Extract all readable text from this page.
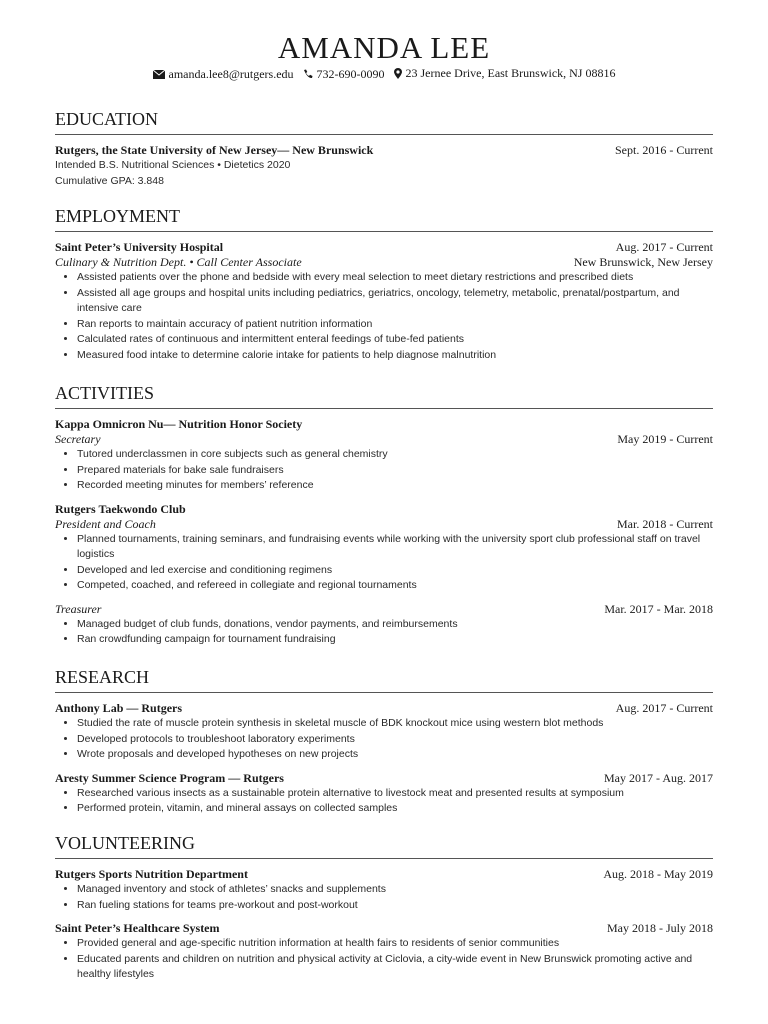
AMANDA LEE
amanda.lee8@rutgers.edu
732-690-0090
23 Jernee Drive, East Brunswick, NJ 08816
EDUCATION
Rutgers, the State University of New Jersey— New Brunswick	Sept. 2016 - Current
Intended B.S. Nutritional Sciences • Dietetics 2020
Cumulative GPA: 3.848
EMPLOYMENT
Saint Peter’s University Hospital	Aug. 2017 - Current
Culinary & Nutrition Dept. • Call Center Associate	New Brunswick, New Jersey
• Assisted patients over the phone and bedside with every meal selection to meet dietary restrictions and prescribed diets
• Assisted all age groups and hospital units including pediatrics, geriatrics, oncology, telemetry, metabolic, prenatal/postpartum, and intensive care
• Ran reports to maintain accuracy of patient nutrition information
• Calculated rates of continuous and intermittent enteral feedings of tube-fed patients
• Measured food intake to determine calorie intake for patients to help diagnose malnutrition
ACTIVITIES
Kappa Omnicron Nu— Nutrition Honor Society
Secretary	May 2019 - Current
• Tutored underclassmen in core subjects such as general chemistry
• Prepared materials for bake sale fundraisers
• Recorded meeting minutes for members’ reference
Rutgers Taekwondo Club
President and Coach	Mar. 2018 - Current
• Planned tournaments, training seminars, and fundraising events while working with the university sport club professional staff on travel logistics
• Developed and led exercise and conditioning regimens
• Competed, coached, and refereed in collegiate and regional tournaments
Treasurer	Mar. 2017 - Mar. 2018
• Managed budget of club funds, donations, vendor payments, and reimbursements
• Ran crowdfunding campaign for tournament fundraising
RESEARCH
Anthony Lab — Rutgers	Aug. 2017 - Current
• Studied the rate of muscle protein synthesis in skeletal muscle of BDK knockout mice using western blot methods
• Developed protocols to troubleshoot laboratory experiments
• Wrote proposals and developed hypotheses on new projects
Aresty Summer Science Program — Rutgers	May 2017 - Aug. 2017
• Researched various insects as a sustainable protein alternative to livestock meat and presented results at symposium
• Performed protein, vitamin, and mineral assays on collected samples
VOLUNTEERING
Rutgers Sports Nutrition Department	Aug. 2018 - May 2019
• Managed inventory and stock of athletes’ snacks and supplements
• Ran fueling stations for teams pre-workout and post-workout
Saint Peter’s Healthcare System	May 2018 - July 2018
• Provided general and age-specific nutrition information at health fairs to residents of senior communities
• Educated parents and children on nutrition and physical activity at Ciclovia, a city-wide event in New Brunswick promoting active and healthy lifestyles
